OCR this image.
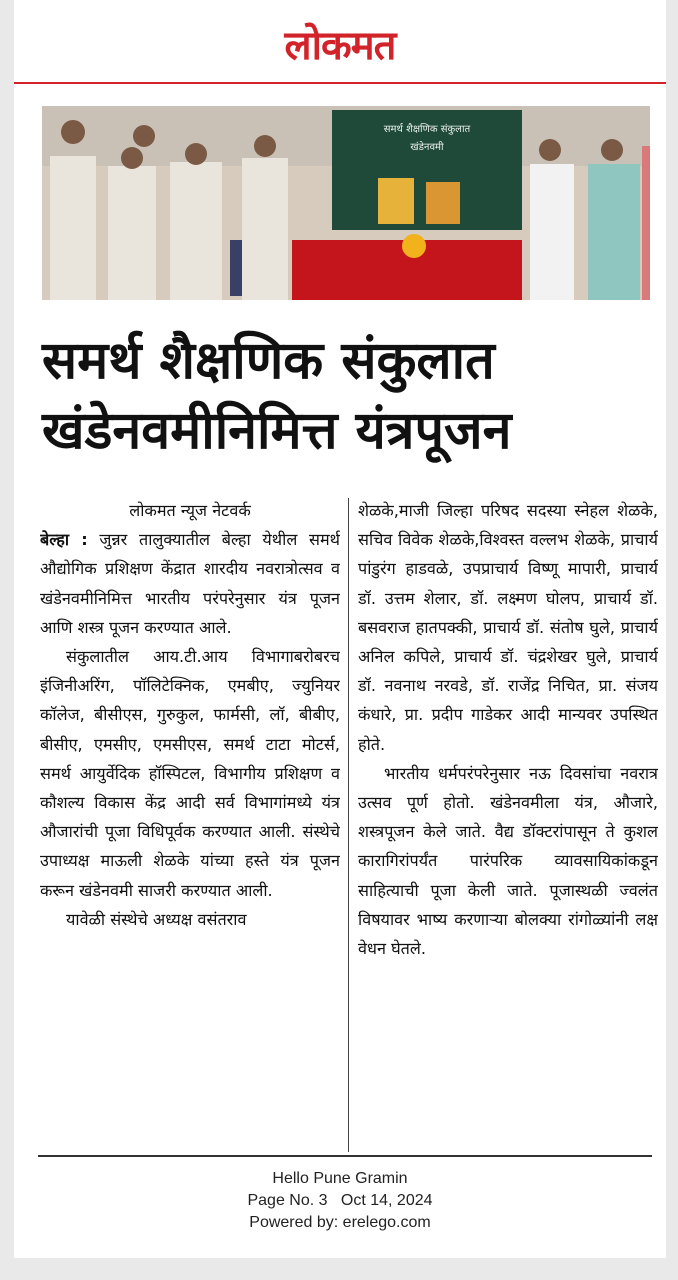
लोकमत
समर्थ शैक्षणिक संकुलात
खंडेनवमी
समर्थ शैक्षणिक संकुलात
खंडेनवमीनिमित्त यंत्रपूजन

लोकमत न्यूज नेटवर्क

बेल्हा : जुन्नर तालुक्यातील बेल्हा येथील समर्थ औद्योगिक प्रशिक्षण केंद्रात शारदीय नवरात्रोत्सव व खंडेनवमीनिमित्त भारतीय परंपरेनुसार यंत्र पूजन आणि शस्त्र पूजन करण्यात आले.

संकुलातील आय.टी.आय विभागाबरोबरच इंजिनीअरिंग, पॉलिटेक्निक, एमबीए, ज्युनियर कॉलेज, बीसीएस, गुरुकुल, फार्मसी, लॉ, बीबीए, बीसीए, एमसीए, एमसीएस, समर्थ टाटा मोटर्स, समर्थ आयुर्वेदिक हॉस्पिटल, विभागीय प्रशिक्षण व कौशल्य विकास केंद्र आदी सर्व विभागांमध्ये यंत्र औजारांची पूजा विधिपूर्वक करण्यात आली. संस्थेचे उपाध्यक्ष माऊली शेळके यांच्या हस्ते यंत्र पूजन करून खंडेनवमी साजरी करण्यात आली.

यावेळी संस्थेचे अध्यक्ष वसंतराव

शेळके,माजी जिल्हा परिषद सदस्या स्नेहल शेळके, सचिव विवेक शेळके,विश्वस्त वल्लभ शेळके, प्राचार्य पांडुरंग हाडवळे, उपप्राचार्य विष्णू मापारी, प्राचार्य डॉ. उत्तम शेलार, डॉ. लक्ष्मण घोलप, प्राचार्य डॉ. बसवराज हातपक्की, प्राचार्य डॉ. संतोष घुले, प्राचार्य अनिल कपिले, प्राचार्य डॉ. चंद्रशेखर घुले, प्राचार्य डॉ. नवनाथ नरवडे, डॉ. राजेंद्र निचित, प्रा. संजय कंधारे, प्रा. प्रदीप गाडेकर आदी मान्यवर उपस्थित होते.

भारतीय धर्मपरंपरेनुसार नऊ दिवसांचा नवरात्र उत्सव पूर्ण होतो. खंडेनवमीला यंत्र, औजारे, शस्त्रपूजन केले जाते. वैद्य डॉक्टरांपासून ते कुशल कारागिरांपर्यंत पारंपरिक व्यावसायिकांकडून साहित्याची पूजा केली जाते. पूजास्थळी ज्वलंत विषयावर भाष्य करणाऱ्या बोलक्या रांगोळ्यांनी लक्ष वेधन घेतले.

Hello Pune Gramin
Page No. 3 Oct 14, 2024
Powered by: erelego.com
